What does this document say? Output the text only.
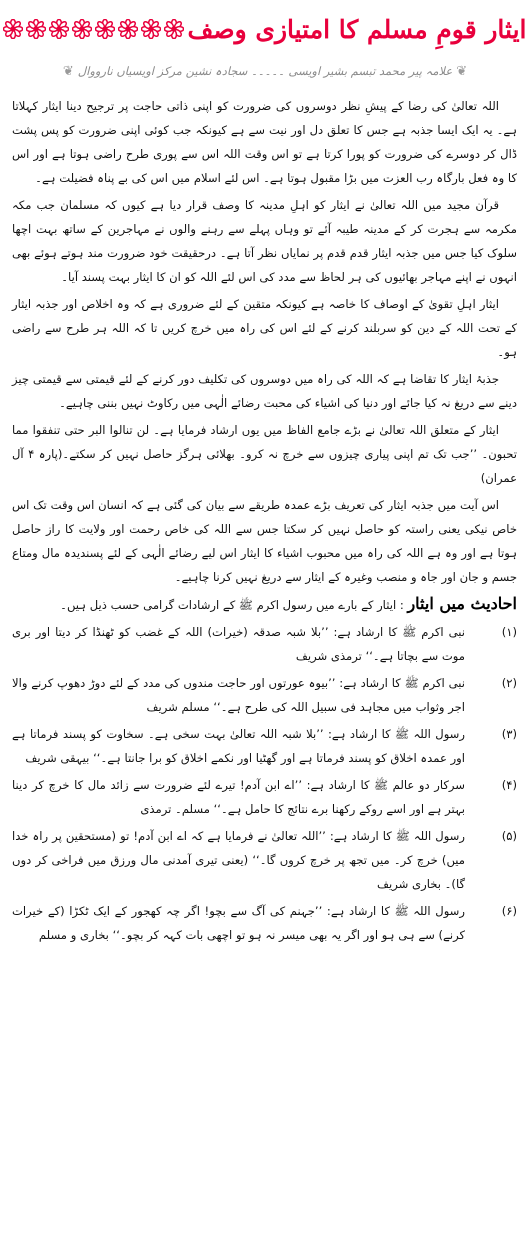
ایثار قومِ مسلم کا امتیازی وصف
❦
علامہ پیر محمد تبسم بشیر اویسی ۔۔۔۔۔ سجادہ نشین مرکز اویسیاں نارووال
❦

اللہ تعالیٰ کی رضا کے پیشِ نظر دوسروں کی ضرورت کو اپنی ذاتی حاجت پر ترجیح دینا ایثار کہلاتا ہے۔ یہ ایک ایسا جذبہ ہے جس کا تعلق دل اور نیت سے ہے کیونکہ جب کوئی اپنی ضرورت کو پس پشت ڈال کر دوسرے کی ضرورت کو پورا کرتا ہے تو اس وقت اللہ اس سے پوری طرح راضی ہوتا ہے اور اس کا وہ فعل بارگاہ رب العزت میں بڑا مقبول ہوتا ہے۔ اس لئے اسلام میں اس کی بے پناہ فضیلت ہے۔

قرآن مجید میں اللہ تعالیٰ نے ایثار کو اہلِ مدینہ کا وصف قرار دیا ہے کیوں کہ مسلمان جب مکہ مکرمہ سے ہجرت کر کے مدینہ طیبہ آئے تو وہاں پہلے سے رہنے والوں نے مہاجرین کے ساتھ بہت اچھا سلوک کیا جس میں جذبہ ایثار قدم قدم پر نمایاں نظر آتا ہے۔ درحقیقت خود ضرورت مند ہوتے ہوئے بھی انہوں نے اپنے مہاجر بھائیوں کی ہر لحاظ سے مدد کی اس لئے اللہ کو ان کا ایثار بہت پسند آیا۔

ایثار اہلِ تقویٰ کے اوصاف کا خاصہ ہے کیونکہ متقین کے لئے ضروری ہے کہ وہ اخلاص اور جذبہ ایثار کے تحت اللہ کے دین کو سربلند کرنے کے لئے اس کی راہ میں خرچ کریں تا کہ اللہ ہر طرح سے راضی ہو۔

جذبۂ ایثار کا تقاضا ہے کہ اللہ کی راہ میں دوسروں کی تکلیف دور کرنے کے لئے قیمتی سے قیمتی چیز دینے سے دریغ نہ کیا جائے اور دنیا کی اشیاء کی محبت رضائے الٰہی میں رکاوٹ نہیں بننی چاہیے۔

ایثار کے متعلق اللہ تعالیٰ نے بڑے جامع الفاظ میں یوں ارشاد فرمایا ہے۔ لن تنالوا البر حتی تنفقوا مما تحبون۔ ’’جب تک تم اپنی پیاری چیزوں سے خرچ نہ کرو۔ بھلائی ہرگز حاصل نہیں کر سکتے۔(پارہ ۴ آل عمران)

اس آیت میں جذبہ ایثار کی تعریف بڑے عمدہ طریقے سے بیان کی گئی ہے کہ انسان اس وقت تک اس خاص نیکی یعنی راستہ کو حاصل نہیں کر سکتا جس سے اللہ کی خاص رحمت اور ولایت کا راز حاصل ہوتا ہے اور وہ ہے اللہ کی راہ میں محبوب اشیاء کا ایثار اس لیے رضائے الٰہی کے لئے پسندیدہ مال ومتاع جسم و جان اور جاہ و منصب وغیرہ کے ایثار سے دریغ نہیں کرنا چاہیے۔

احادیث میں ایثار : ایثار کے بارے میں رسول اکرم ﷺ کے ارشادات گرامی حسب ذیل ہیں۔

(۱)
نبی اکرم ﷺ کا ارشاد ہے: ’’بلا شبہ صدقہ (خیرات) اللہ کے غضب کو ٹھنڈا کر دیتا اور بری موت سے بچاتا ہے۔‘‘ ترمذی شریف
(۲)
نبی اکرم ﷺ کا ارشاد ہے: ’’بیوہ عورتوں اور حاجت مندوں کی مدد کے لئے دوڑ دھوپ کرنے والا اجر وثواب میں مجاہد فی سبیل اللہ کی طرح ہے۔‘‘ مسلم شریف
(۳)
رسول اللہ ﷺ کا ارشاد ہے: ’’بلا شبہ اللہ تعالیٰ بہت سخی ہے۔ سخاوت کو پسند فرماتا ہے اور عمدہ اخلاق کو پسند فرماتا ہے اور گھٹیا اور نکمے اخلاق کو برا جانتا ہے۔‘‘ بیہقی شریف
(۴)
سرکار دو عالم ﷺ کا ارشاد ہے: ’’اے ابن آدم! تیرے لئے ضرورت سے زائد مال کا خرچ کر دینا بہتر ہے اور اسے روکے رکھنا برے نتائج کا حامل ہے۔‘‘ مسلم۔ ترمذی
(۵)
رسول اللہ ﷺ کا ارشاد ہے: ’’اللہ تعالیٰ نے فرمایا ہے کہ اے ابن آدم! تو (مستحقین پر راہ خدا میں) خرچ کر۔ میں تجھ پر خرچ کروں گا۔‘‘ (یعنی تیری آمدنی مال ورزق میں فراخی کر دوں گا)۔ بخاری شریف
(۶)
رسول اللہ ﷺ کا ارشاد ہے: ’’جہنم کی آگ سے بچو! اگر چہ کھجور کے ایک ٹکڑا (کے خیرات کرنے) سے ہی ہو اور اگر یہ بھی میسر نہ ہو تو اچھی بات کہہ کر بچو۔‘‘ بخاری و مسلم
